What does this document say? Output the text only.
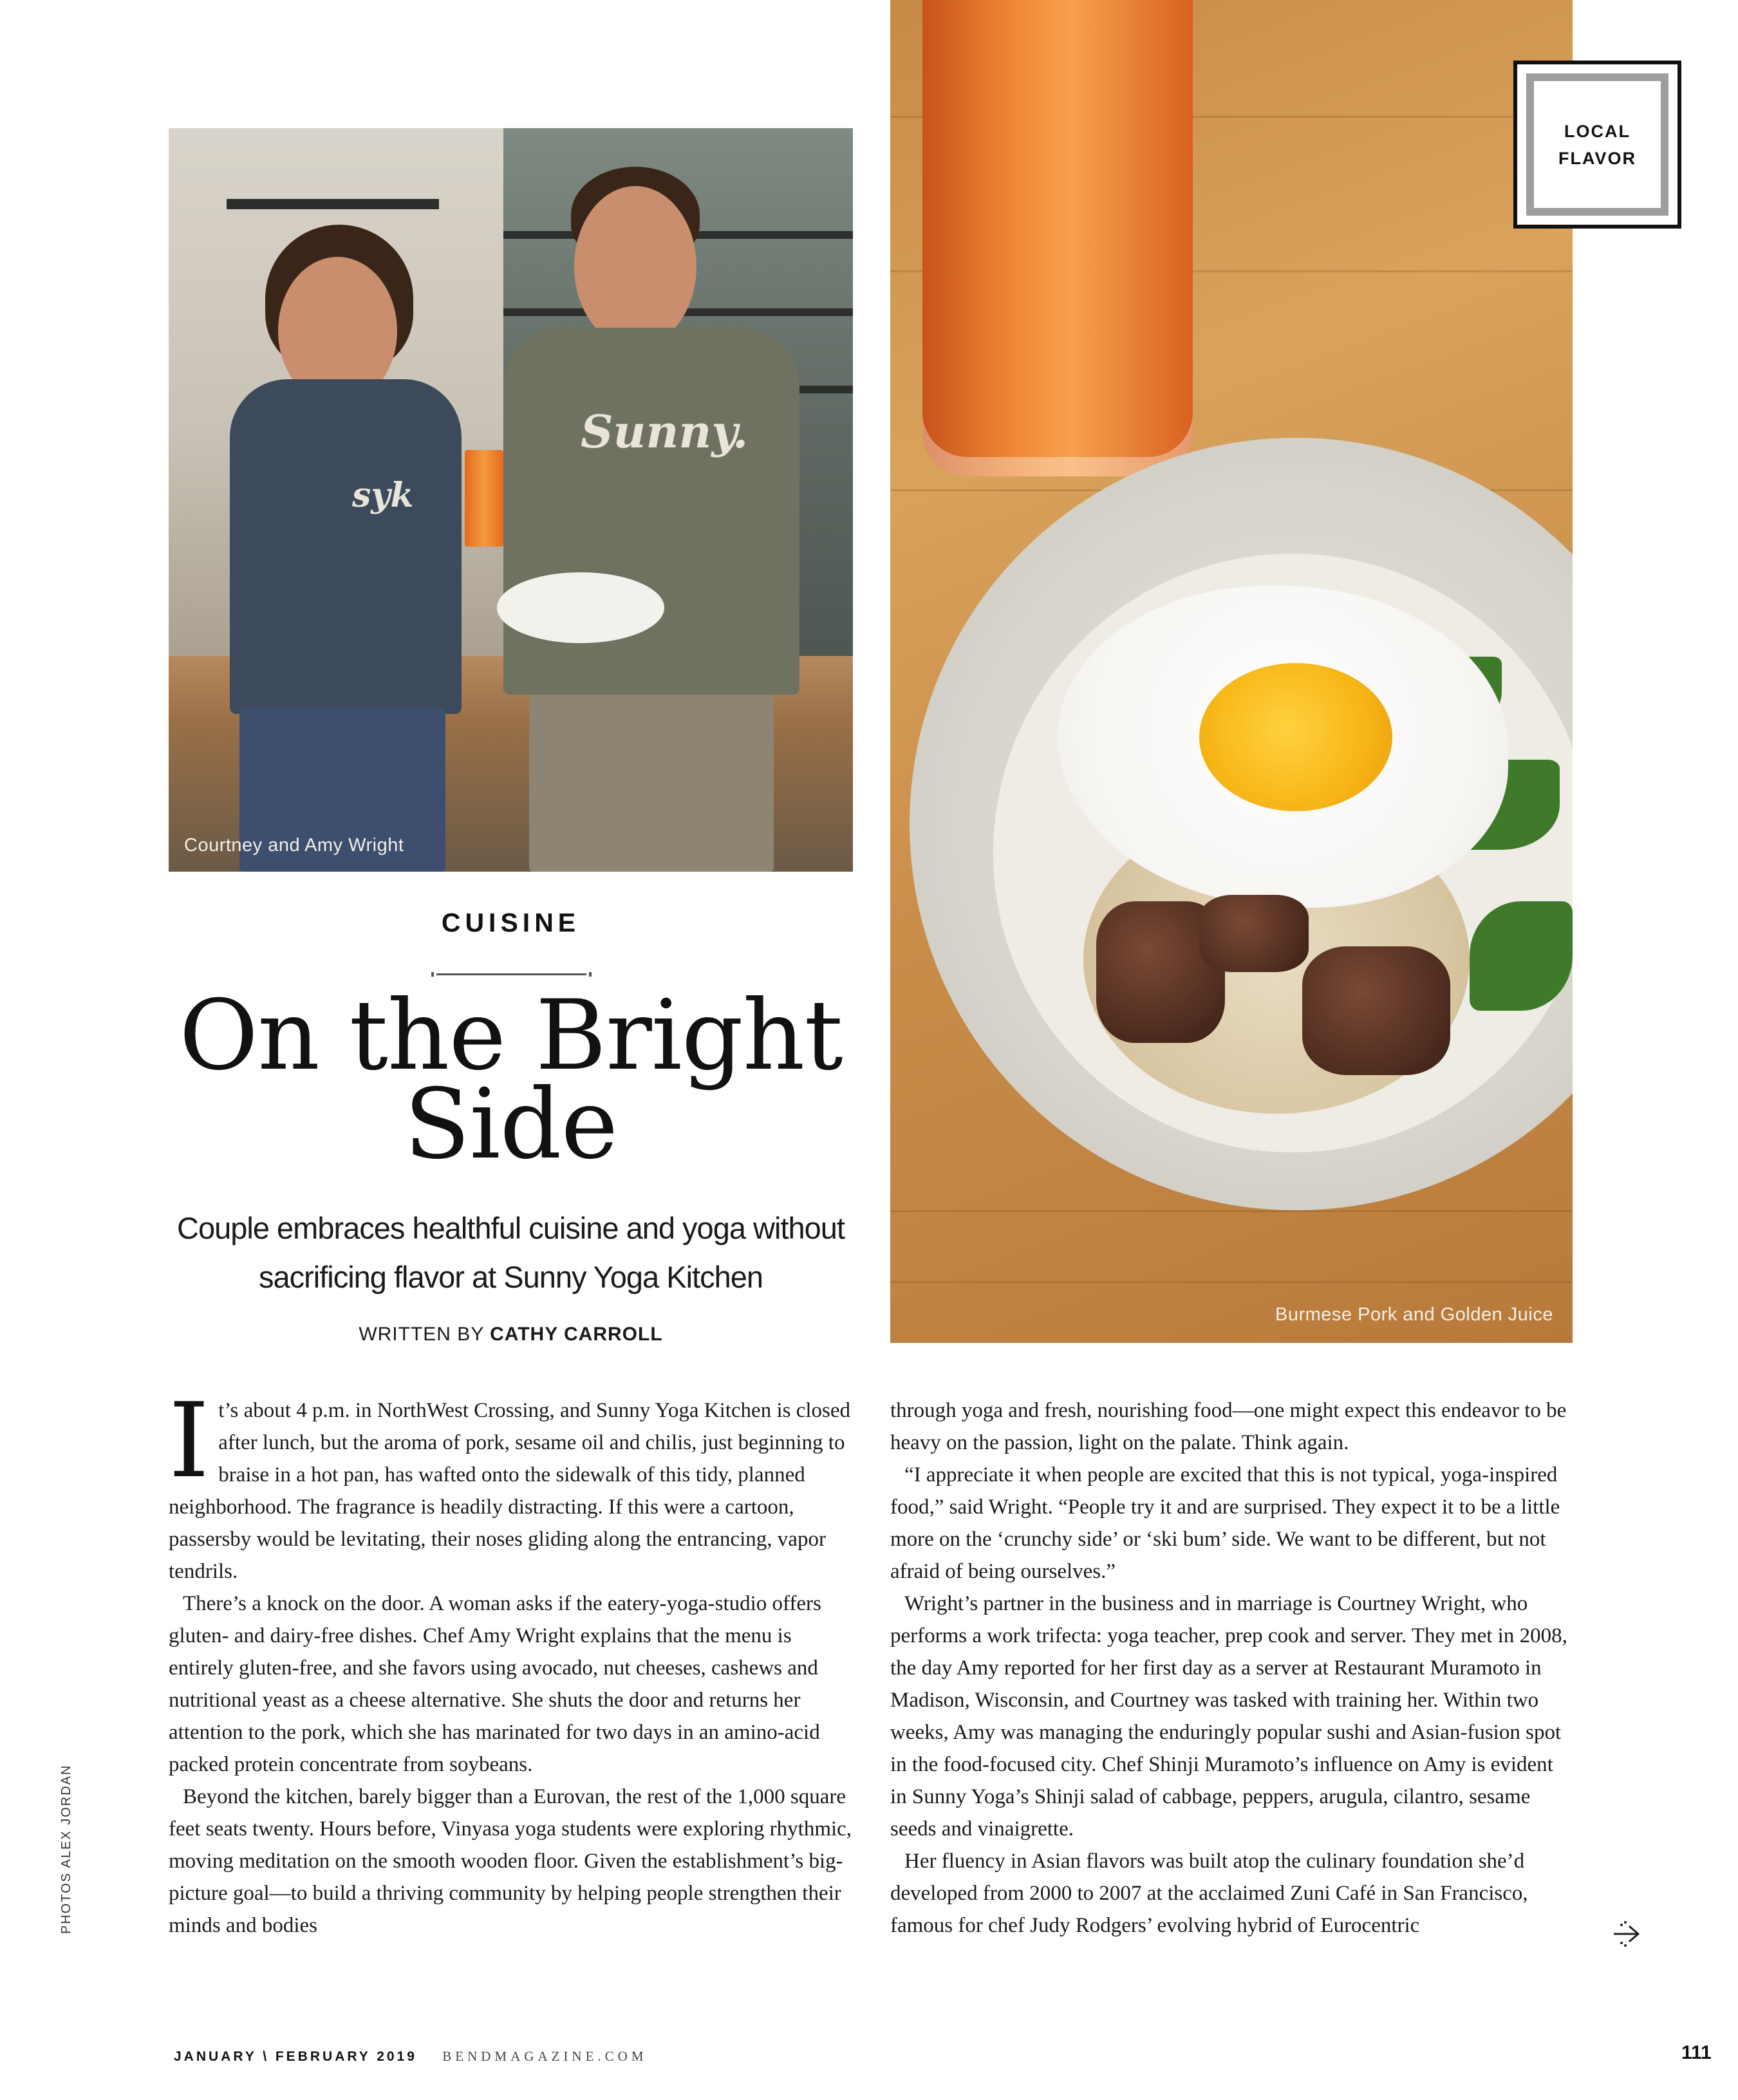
syk
Sunny.
Courtney and Amy Wright
Burmese Pork and Golden Juice
LOCAL
FLAVOR
CUISINE
On the Bright
Side
Couple embraces healthful cuisine and yoga without
sacrificing flavor at Sunny Yoga Kitchen
WRITTEN BY CATHY CARROLL

It’s about 4 p.m. in NorthWest Crossing, and Sunny Yoga Kitchen is closed after lunch, but the aroma of pork, sesame oil and chilis, just beginning to braise in a hot pan, has wafted onto the sidewalk of this tidy, planned neighborhood. The fragrance is headily distracting. If this were a cartoon, passersby would be levitating, their noses gliding along the entrancing, vapor tendrils.

There’s a knock on the door. A woman asks if the eatery-yoga-studio offers gluten- and dairy-free dishes. Chef Amy Wright explains that the menu is entirely gluten-free, and she favors using avocado, nut cheeses, cashews and nutritional yeast as a cheese alternative. She shuts the door and returns her attention to the pork, which she has marinated for two days in an amino-acid packed protein concentrate from soybeans.

Beyond the kitchen, barely bigger than a Eurovan, the rest of the 1,000 square feet seats twenty. Hours before, Vinyasa yoga students were exploring rhythmic, moving meditation on the smooth wooden floor. Given the establishment’s big-picture goal—to build a thriving community by helping people strengthen their minds and bodies

through yoga and fresh, nourishing food—one might expect this endeavor to be heavy on the passion, light on the palate. Think again.

“I appreciate it when people are excited that this is not typical, yoga-inspired food,” said Wright. “People try it and are surprised. They expect it to be a little more on the ‘crunchy side’ or ‘ski bum’ side. We want to be different, but not afraid of being ourselves.”

Wright’s partner in the business and in marriage is Courtney Wright, who performs a work trifecta: yoga teacher, prep cook and server. They met in 2008, the day Amy reported for her first day as a server at Restaurant Muramoto in Madison, Wisconsin, and Courtney was tasked with training her. Within two weeks, Amy was managing the enduringly popular sushi and Asian-fusion spot in the food-focused city. Chef Shinji Muramoto’s influence on Amy is evident in Sunny Yoga’s Shinji salad of cabbage, peppers, arugula, cilantro, sesame seeds and vinaigrette.

Her fluency in Asian flavors was built atop the culinary foundation she’d developed from 2000 to 2007 at the acclaimed Zuni Café in San Francisco, famous for chef Judy Rodgers’ evolving hybrid of Eurocentric

PHOTOS ALEX JORDAN
JANUARY \ FEBRUARY 2019 BENDMAGAZINE.COM	111
